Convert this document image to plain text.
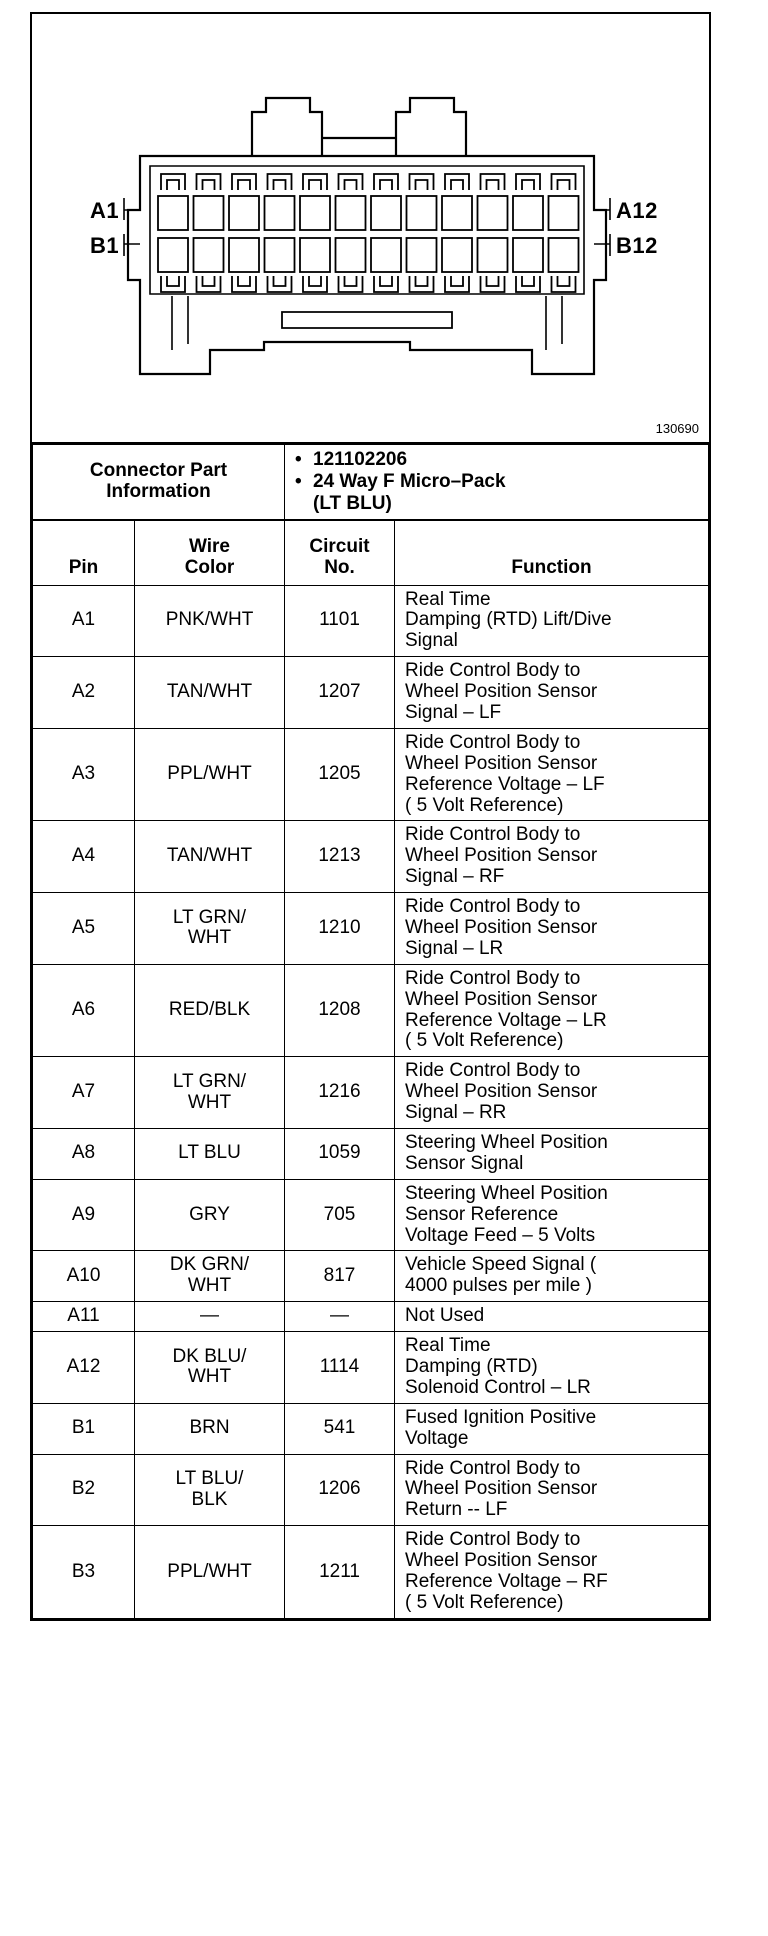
A1
B1
A12
B12
130690
Connector Part Information	
• 121102206
• 24 Way F Micro–Pack
(LT BLU)
Pin	Wire Color	Circuit No.	Function
A1	PNK/WHT	1101	Real Time
Damping (RTD) Lift/Dive
Signal

A2	TAN/WHT	1207	Ride Control Body to
Wheel Position Sensor
Signal – LF

A3	PPL/WHT	1205	Ride Control Body to
Wheel Position Sensor
Reference Voltage – LF
( 5 Volt Reference)

A4	TAN/WHT	1213	Ride Control Body to
Wheel Position Sensor
Signal – RF

A5	LT GRN/
WHT	1210	Ride Control Body to
Wheel Position Sensor
Signal – LR

A6	RED/BLK	1208	Ride Control Body to
Wheel Position Sensor
Reference Voltage – LR
( 5 Volt Reference)

A7	LT GRN/
WHT	1216	Ride Control Body to
Wheel Position Sensor
Signal – RR

A8	LT BLU	1059	Steering Wheel Position
Sensor Signal

A9	GRY	705	Steering Wheel Position
Sensor Reference
Voltage Feed – 5 Volts

A10	DK GRN/
WHT	817	Vehicle Speed Signal (
4000 pulses per mile )

A11	—	—	Not Used

A12	DK BLU/
WHT	1114	Real Time
Damping (RTD)
Solenoid Control – LR

B1	BRN	541	Fused Ignition Positive
Voltage

B2	LT BLU/
BLK	1206	Ride Control Body to
Wheel Position Sensor
Return -- LF

B3	PPL/WHT	1211	Ride Control Body to
Wheel Position Sensor
Reference Voltage – RF
( 5 Volt Reference)
